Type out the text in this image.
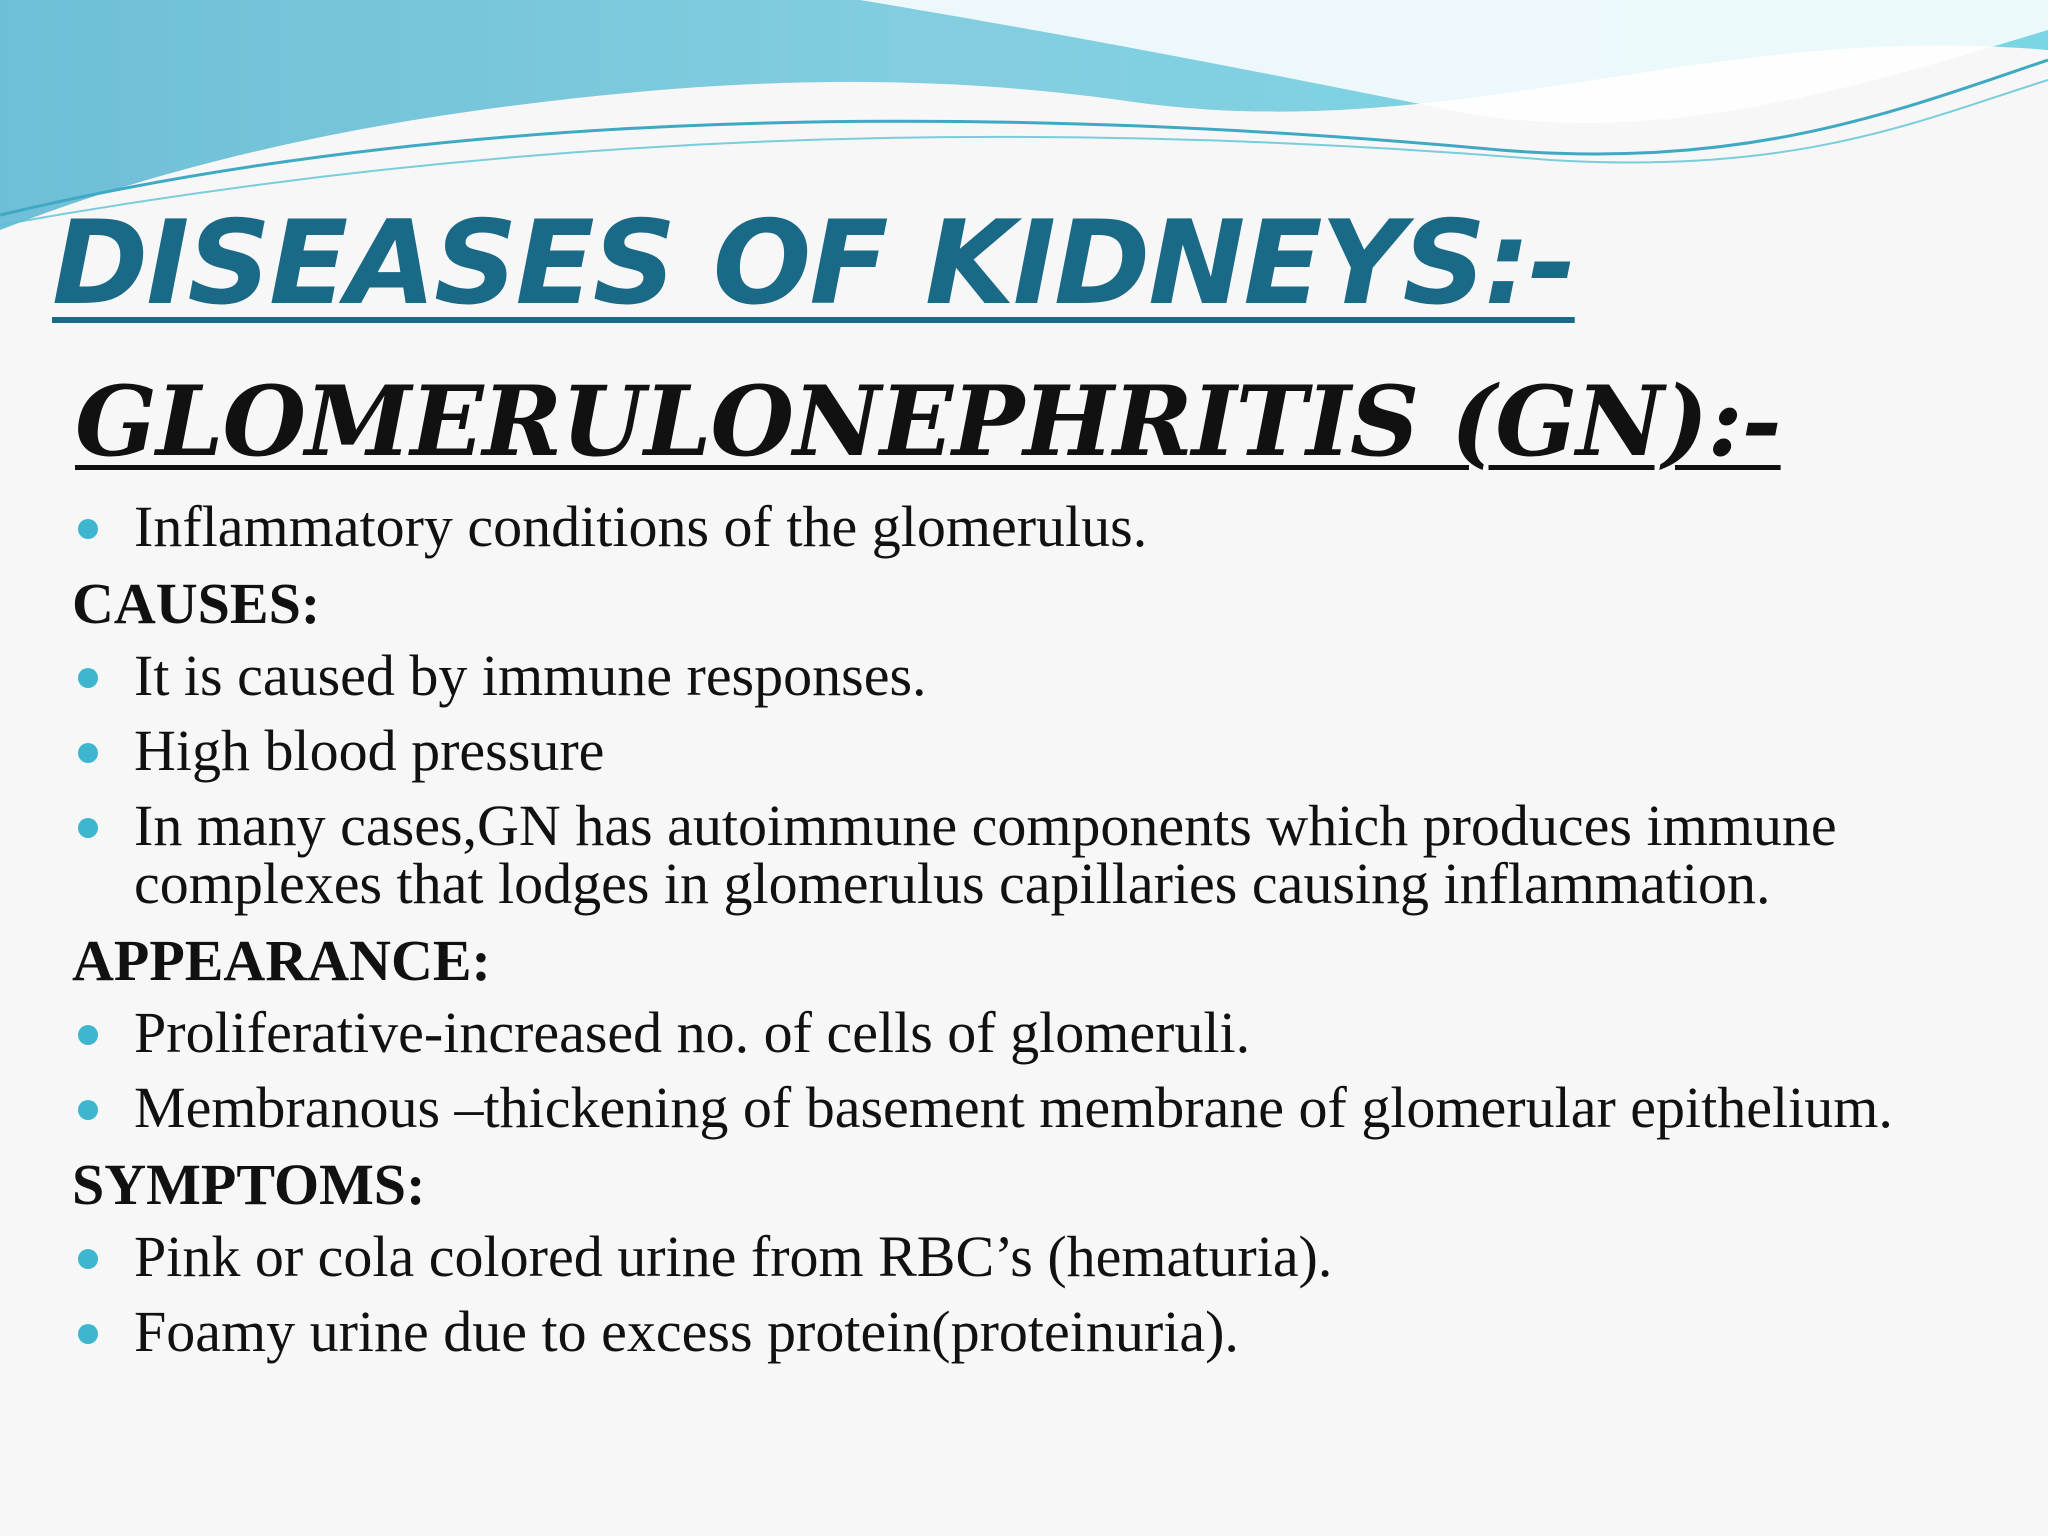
DISEASES OF KIDNEYS:-
GLOMERULONEPHRITIS (GN):-
Inflammatory conditions of the glomerulus.
CAUSES:
It is caused by immune responses.
High blood pressure
In many cases,GN has autoimmune components which produces immune complexes that lodges in glomerulus capillaries causing inflammation.
APPEARANCE:
Proliferative-increased no. of cells of glomeruli.
Membranous –thickening of basement membrane of glomerular epithelium.
SYMPTOMS:
Pink or cola colored urine from RBC’s (hematuria).
Foamy urine due to excess protein(proteinuria).
